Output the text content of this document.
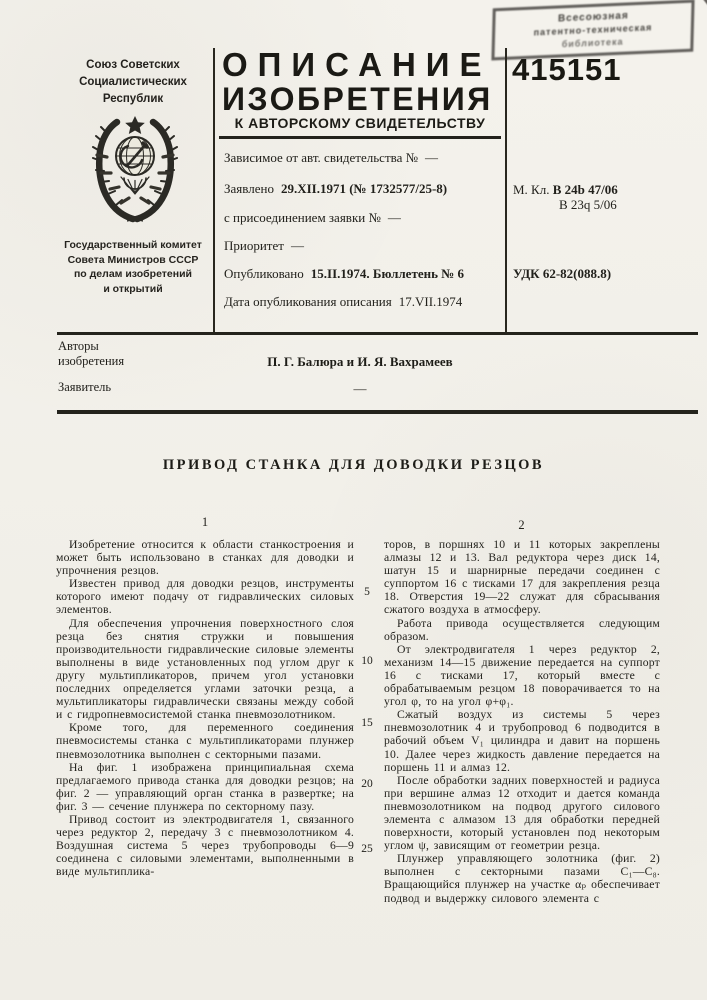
Всесоюзная
патентно-техническая
библиотека
Союз Советских
Социалистических
Республик
Государственный комитет
Совета Министров СССР
по делам изобретений
и открытий
ОПИСАНИЕ
ИЗОБРЕТЕНИЯ
К АВТОРСКОМУ СВИДЕТЕЛЬСТВУ
Зависимое от авт. свидетельства № —
Заявлено 29.XII.1971 (№ 1732577/25-8)
с присоединением заявки № —
Приоритет —
Опубликовано 15.II.1974. Бюллетень № 6
Дата опубликования описания 17.VII.1974
415151
М. Кл. В 24b 47/06
В 23q 5/06
УДК 62-82(088.8)
Авторы
изобретения	П. Г. Балюра и И. Я. Вахрамеев
Заявитель	—
ПРИВОД СТАНКА ДЛЯ ДОВОДКИ РЕЗЦОВ
1	2

Изобретение относится к области станкостроения и может быть использовано в станках для доводки и упрочнения резцов.

Известен привод для доводки резцов, инструменты которого имеют подачу от гидравлических силовых элементов.

Для обеспечения упрочнения поверхностного слоя резца без снятия стружки и повышения производительности гидравлические силовые элементы выполнены в виде установленных под углом друг к другу мультипликаторов, причем угол установки последних определяется углами заточки резца, а мультипликаторы гидравлически связаны между собой и с гидропневмосистемой станка пневмозолотником.

Кроме того, для переменного соединения пневмосистемы станка с мультипликаторами плунжер пневмозолотника выполнен с секторными пазами.

На фиг. 1 изображена принципиальная схема предлагаемого привода станка для доводки резцов; на фиг. 2 — управляющий орган станка в развертке; на фиг. 3 — сечение плунжера по секторному пазу.

Привод состоит из электродвигателя 1, связанного через редуктор 2, передачу 3 с пневмозолотником 4. Воздушная система 5 через трубопроводы 6—9 соединена с силовыми элементами, выполненными в виде мультиплика-

торов, в поршнях 10 и 11 которых закреплены алмазы 12 и 13. Вал редуктора через диск 14, шатун 15 и шарнирные передачи соединен с суппортом 16 с тисками 17 для закрепления резца 18. Отверстия 19—22 служат для сбрасывания сжатого воздуха в атмосферу.

Работа привода осуществляется следующим образом.

От электродвигателя 1 через редуктор 2, механизм 14—15 движение передается на суппорт 16 с тисками 17, который вместе с обрабатываемым резцом 18 поворачивается то на угол φ, то на угол φ+φ₁.

Сжатый воздух из системы 5 через пневмозолотник 4 и трубопровод 6 подводится в рабочий объем V₁ цилиндра и давит на поршень 10. Далее через жидкость давление передается на поршень 11 и алмаз 12.

После обработки задних поверхностей и радиуса при вершине алмаз 12 отходит и дается команда пневмозолотником на подвод другого силового элемента с алмазом 13 для обработки передней поверхности, который установлен под некоторым углом ψ, зависящим от геометрии резца.

Плунжер управляющего золотника (фиг. 2) выполнен с секторными пазами С₁—С₈. Вращающийся плунжер на участке αₚ обеспечивает подвод и выдержку силового элемента с

5
10
15
20
25
